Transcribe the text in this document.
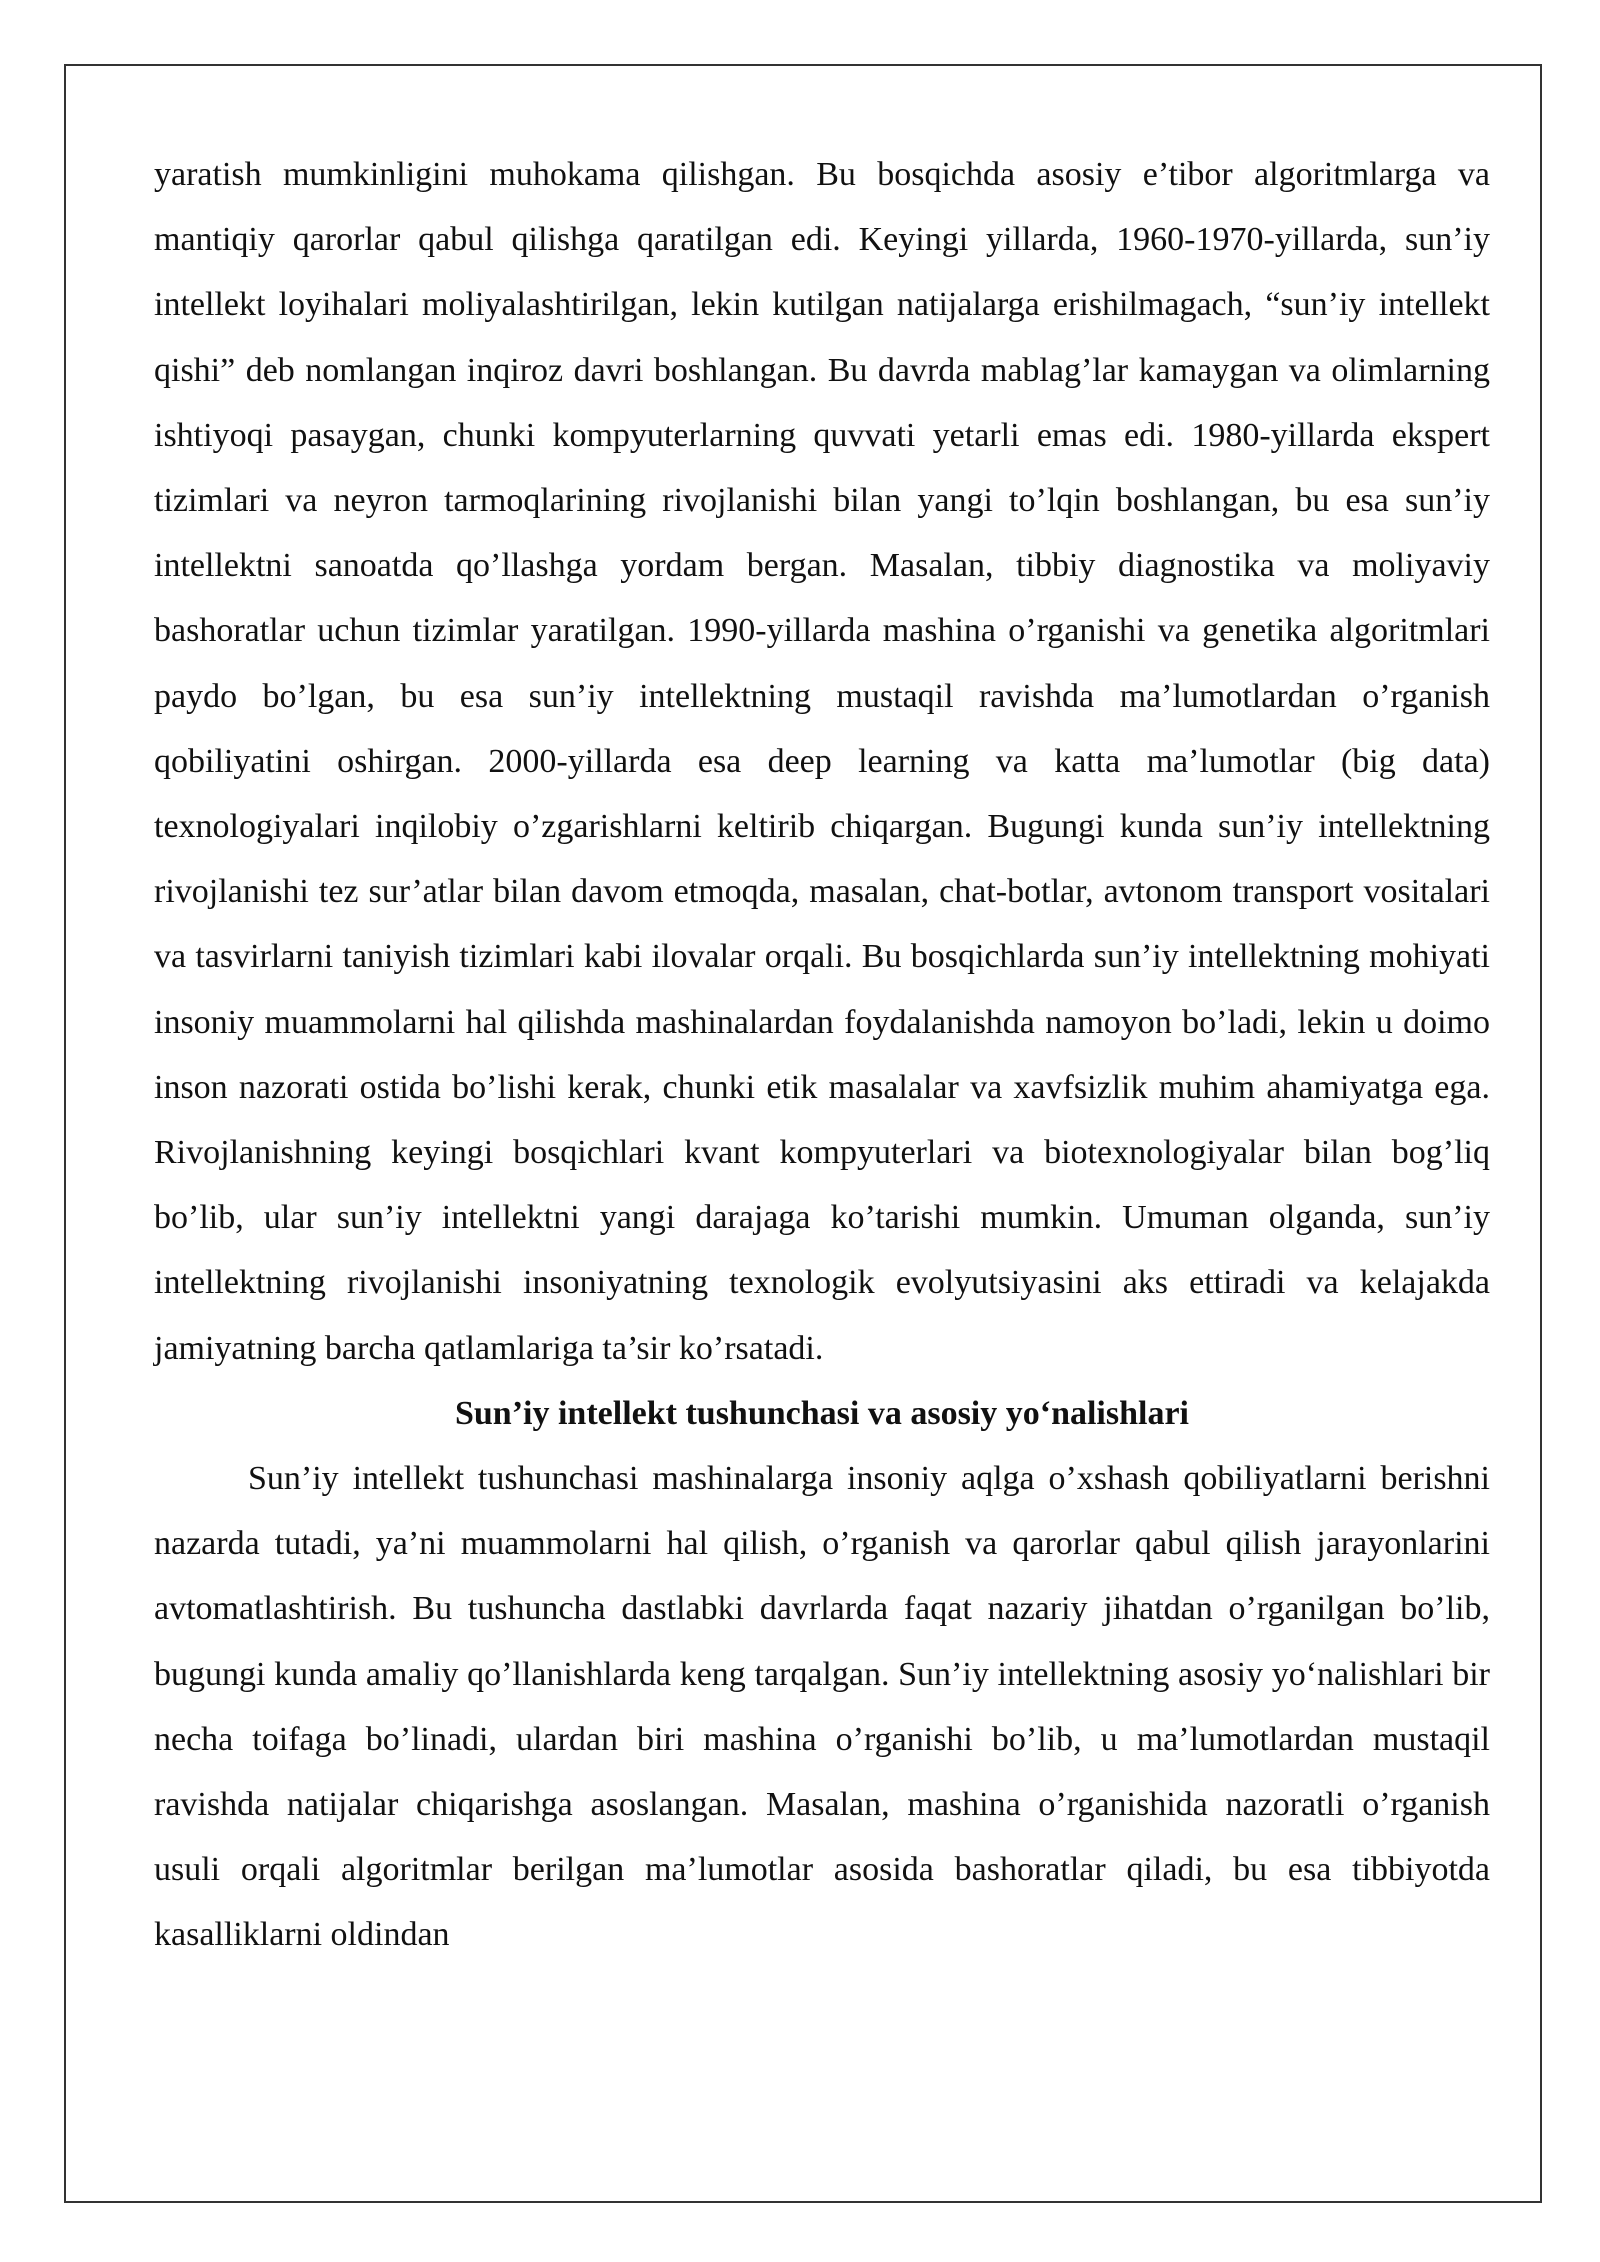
yaratish mumkinligini muhokama qilishgan. Bu bosqichda asosiy e’tibor algoritmlarga va mantiqiy qarorlar qabul qilishga qaratilgan edi. Keyingi yillarda, 1960-1970-yillarda, sun’iy intellekt loyihalari moliyalashtirilgan, lekin kutilgan natijalarga erishilmagach, “sun’iy intellekt qishi” deb nomlangan inqiroz davri boshlangan. Bu davrda mablag’lar kamaygan va olimlarning ishtiyoqi pasaygan, chunki kompyuterlarning quvvati yetarli emas edi. 1980-yillarda ekspert tizimlari va neyron tarmoqlarining rivojlanishi bilan yangi to’lqin boshlangan, bu esa sun’iy intellektni sanoatda qo’llashga yordam bergan. Masalan, tibbiy diagnostika va moliyaviy bashoratlar uchun tizimlar yaratilgan. 1990-yillarda mashina o’rganishi va genetika algoritmlari paydo bo’lgan, bu esa sun’iy intellektning mustaqil ravishda ma’lumotlardan o’rganish qobiliyatini oshirgan. 2000-yillarda esa deep learning va katta ma’lumotlar (big data) texnologiyalari inqilobiy o’zgarishlarni keltirib chiqargan. Bugungi kunda sun’iy intellektning rivojlanishi tez sur’atlar bilan davom etmoqda, masalan, chat-botlar, avtonom transport vositalari va tasvirlarni taniyish tizimlari kabi ilovalar orqali. Bu bosqichlarda sun’iy intellektning mohiyati insoniy muammolarni hal qilishda mashinalardan foydalanishda namoyon bo’ladi, lekin u doimo inson nazorati ostida bo’lishi kerak, chunki etik masalalar va xavfsizlik muhim ahamiyatga ega. Rivojlanishning keyingi bosqichlari kvant kompyuterlari va biotexnologiyalar bilan bog’liq bo’lib, ular sun’iy intellektni yangi darajaga ko’tarishi mumkin. Umuman olganda, sun’iy intellektning rivojlanishi insoniyatning texnologik evolyutsiyasini aks ettiradi va kelajakda jamiyatning barcha qatlamlariga ta’sir ko’rsatadi.

Sun’iy intellekt tushunchasi va asosiy yo‘nalishlari

Sun’iy intellekt tushunchasi mashinalarga insoniy aqlga o’xshash qobiliyatlarni berishni nazarda tutadi, ya’ni muammolarni hal qilish, o’rganish va qarorlar qabul qilish jarayonlarini avtomatlashtirish. Bu tushuncha dastlabki davrlarda faqat nazariy jihatdan o’rganilgan bo’lib, bugungi kunda amaliy qo’llanishlarda keng tarqalgan. Sun’iy intellektning asosiy yo‘nalishlari bir necha toifaga bo’linadi, ulardan biri mashina o’rganishi bo’lib, u ma’lumotlardan mustaqil ravishda natijalar chiqarishga asoslangan. Masalan, mashina o’rganishida nazoratli o’rganish usuli orqali algoritmlar berilgan ma’lumotlar asosida bashoratlar qiladi, bu esa tibbiyotda kasalliklarni oldindan
